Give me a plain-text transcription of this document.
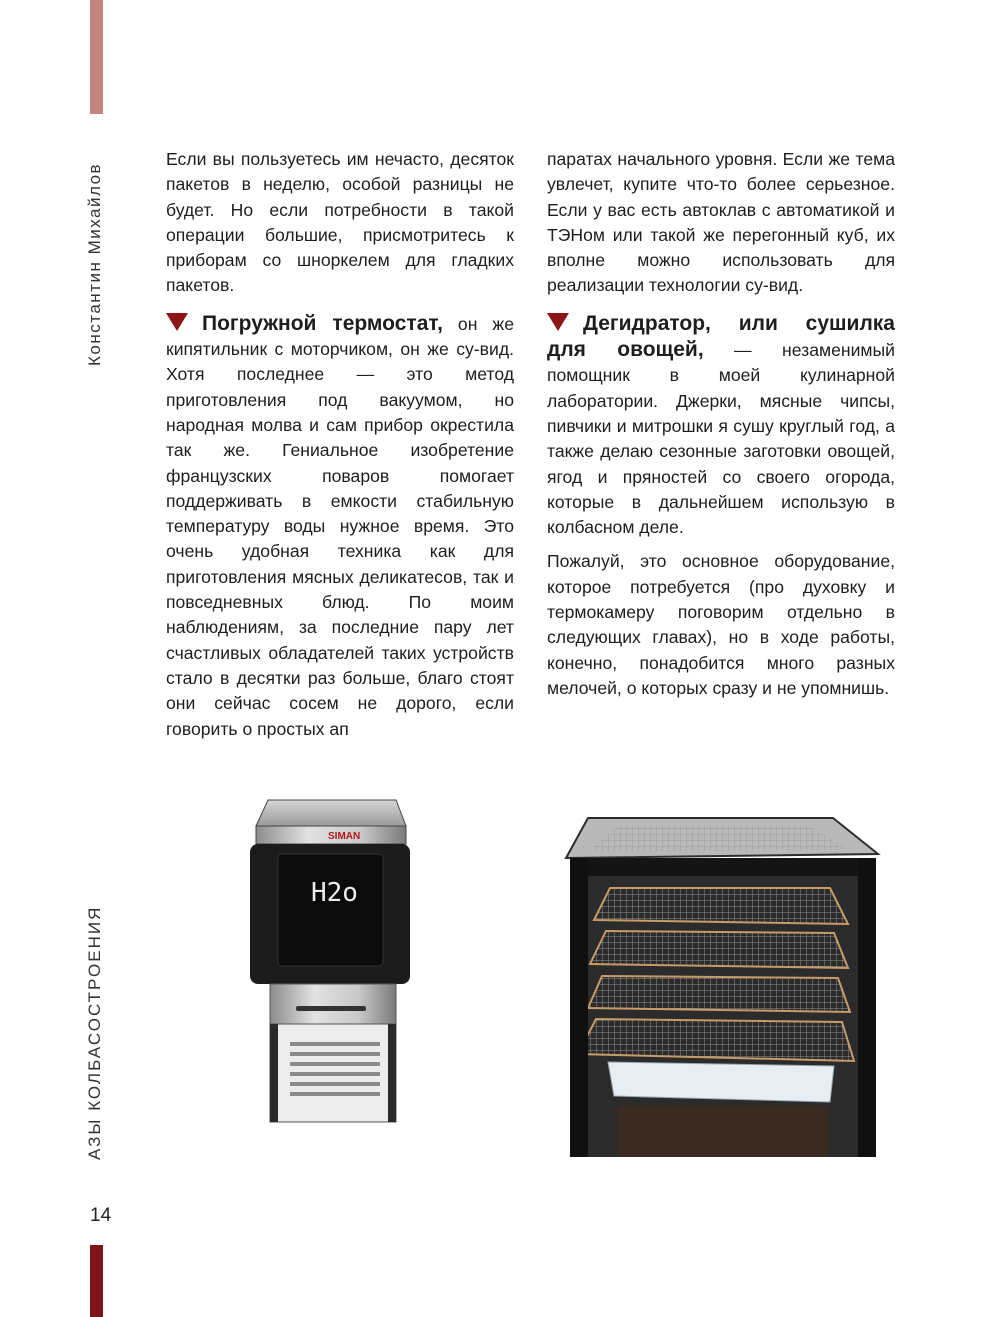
Константин Михайлов
АЗЫ КОЛБАСОСТРОЕНИЯ
14

Если вы пользуетесь им нечасто, десяток пакетов в неделю, особой разницы не будет. Но если потребности в такой операции большие, присмотритесь к приборам со шноркелем для гладких пакетов.

Погружной термостат, он же кипятильник с моторчиком, он же су-вид. Хотя последнее — это метод приготовления под вакуумом, но народная молва и сам прибор окрестила так же. Гениальное изобретение французских поваров помогает поддерживать в емкости стабильную температуру воды нужное время. Это очень удобная техника как для приготовления мясных деликатесов, так и повседневных блюд. По моим наблюдениям, за последние пару лет счастливых обладателей таких устройств стало в десятки раз больше, благо стоят они сейчас сосем не дорого, если говорить о простых ап

паратах начального уровня. Если же тема увлечет, купите что-то более серьезное. Если у вас есть автоклав с автоматикой и ТЭНом или такой же перегонный куб, их вполне можно использовать для реализации технологии су-вид.

Дегидратор, или сушилка для овощей, — незаменимый помощник в моей кулинарной лаборатории. Джерки, мясные чипсы, пивчики и митрошки я сушу круглый год, а также делаю сезонные заготовки овощей, ягод и пряностей со своего огорода, которые в дальнейшем использую в колбасном деле.

Пожалуй, это основное оборудование, которое потребуется (про духовку и термокамеру поговорим отдельно в следующих главах), но в ходе работы, конечно, понадобится много разных мелочей, о которых сразу и не упомнишь.

SIMAN
H2o
